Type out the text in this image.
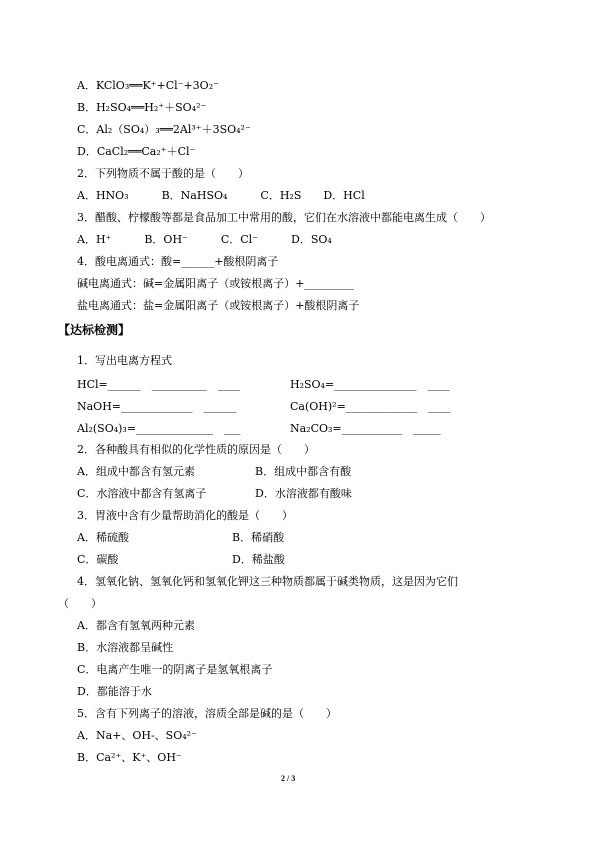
A．KClO₃══K⁺+Cl⁻+3O₂⁻
B．H₂SO₄══H₂⁺＋SO₄²⁻
C．Al₂（SO₄）₃══2Al³⁺＋3SO₄²⁻
D．CaCl₂══Ca₂⁺＋Cl⁻
2．下列物质不属于酸的是（　　）
A．HNO₃　　　B．NaHSO₄　　　C．H₂S　　D．HCl
3．醋酸、柠檬酸等都是食品加工中常用的酸，它们在水溶液中都能电离生成（　　）
A．H⁺　　　B．OH⁻　　　C．Cl⁻　　　D．SO₄
4．酸电离通式：酸=______+酸根阴离子
碱电离通式：碱=金属阳离子（或铵根离子）+_________
盐电离通式：盐=金属阳离子（或铵根离子）+酸根阴离子
【达标检测】
1．写出电离方程式
HCl=______　__________　____	H₂SO₄=_______________　____
NaOH=_____________　______	Ca(OH)²=_____________　____
Al₂(SO₄)₃=______________　___	Na₂CO₃=___________　_____
2．各种酸具有相似的化学性质的原因是（　　）
A．组成中都含有氢元素	B．组成中都含有酸
C．水溶液中都含有氢离子	D．水溶液都有酸味
3．胃液中含有少量帮助消化的酸是（　　）
A．稀硫酸	B．稀硝酸
C．碳酸	D．稀盐酸
4．氢氧化钠、氢氧化钙和氢氧化钾这三种物质都属于碱类物质，这是因为它们
（　　）
A．都含有氢氧两种元素
B．水溶液都呈碱性
C．电离产生唯一的阴离子是氢氧根离子
D．都能溶于水
5．含有下列离子的溶液，溶质全部是碱的是（　　）
A．Na+、OH-、SO₄²⁻
B．Ca²⁺、K⁺、OH⁻
2 / 3
